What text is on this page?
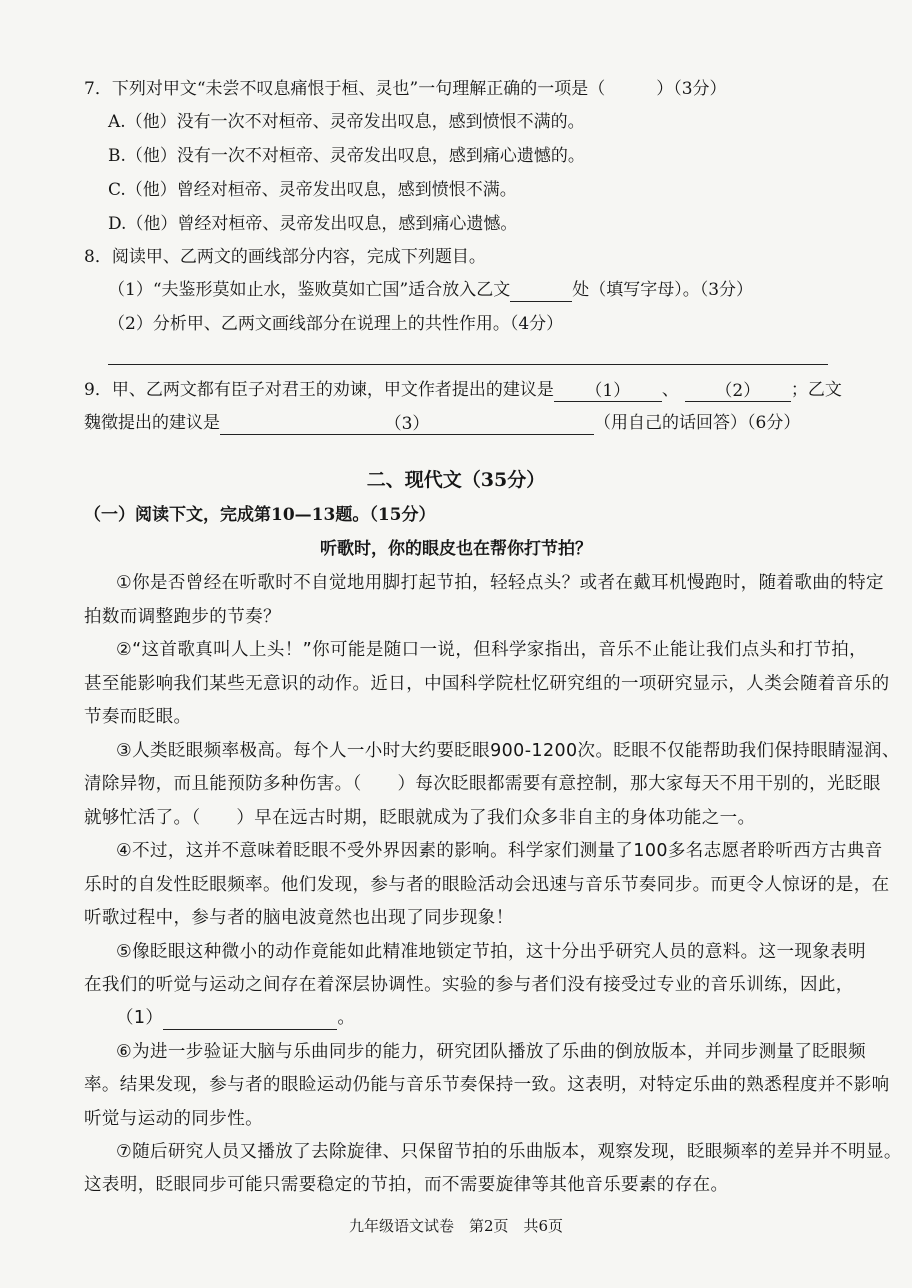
7．下列对甲文“未尝不叹息痛恨于桓、灵也”一句理解正确的一项是（　　　）（3分）
A.（他）没有一次不对桓帝、灵帝发出叹息，感到愤恨不满的。
B.（他）没有一次不对桓帝、灵帝发出叹息，感到痛心遗憾的。
C.（他）曾经对桓帝、灵帝发出叹息，感到愤恨不满。
D.（他）曾经对桓帝、灵帝发出叹息，感到痛心遗憾。
8．阅读甲、乙两文的画线部分内容，完成下列题目。
（1）“夫鉴形莫如止水，鉴败莫如亡国”适合放入乙文	处（填写字母）。（3分）
（2）分析甲、乙两文画线部分在说理上的共性作用。（4分）
9．甲、乙两文都有臣子对君王的劝谏，甲文作者提出的建议是 （1） 、 （2） ；乙文
魏徵提出的建议是	（3）	（用自己的话回答）（6分）
二、现代文（35分）
（一）阅读下文，完成第10—13题。（15分）
听歌时，你的眼皮也在帮你打节拍？
①你是否曾经在听歌时不自觉地用脚打起节拍，轻轻点头？或者在戴耳机慢跑时，随着歌曲的特定
拍数而调整跑步的节奏？
②“这首歌真叫人上头！”你可能是随口一说，但科学家指出，音乐不止能让我们点头和打节拍，
甚至能影响我们某些无意识的动作。近日，中国科学院杜忆研究组的一项研究显示，人类会随着音乐的
节奏而眨眼。
③人类眨眼频率极高。每个人一小时大约要眨眼900-1200次。眨眼不仅能帮助我们保持眼睛湿润、
清除异物，而且能预防多种伤害。（　　）每次眨眼都需要有意控制，那大家每天不用干别的，光眨眼
就够忙活了。（　　）早在远古时期，眨眼就成为了我们众多非自主的身体功能之一。
④不过，这并不意味着眨眼不受外界因素的影响。科学家们测量了100多名志愿者聆听西方古典音
乐时的自发性眨眼频率。他们发现，参与者的眼睑活动会迅速与音乐节奏同步。而更令人惊讶的是，在
听歌过程中，参与者的脑电波竟然也出现了同步现象！
⑤像眨眼这种微小的动作竟能如此精准地锁定节拍，这十分出乎研究人员的意料。这一现象表明
在我们的听觉与运动之间存在着深层协调性。实验的参与者们没有接受过专业的音乐训练，因此，
（1）	。
⑥为进一步验证大脑与乐曲同步的能力，研究团队播放了乐曲的倒放版本，并同步测量了眨眼频
率。结果发现，参与者的眼睑运动仍能与音乐节奏保持一致。这表明，对特定乐曲的熟悉程度并不影响
听觉与运动的同步性。
⑦随后研究人员又播放了去除旋律、只保留节拍的乐曲版本，观察发现，眨眼频率的差异并不明显。
这表明，眨眼同步可能只需要稳定的节拍，而不需要旋律等其他音乐要素的存在。
九年级语文试卷　第2页　共6页
